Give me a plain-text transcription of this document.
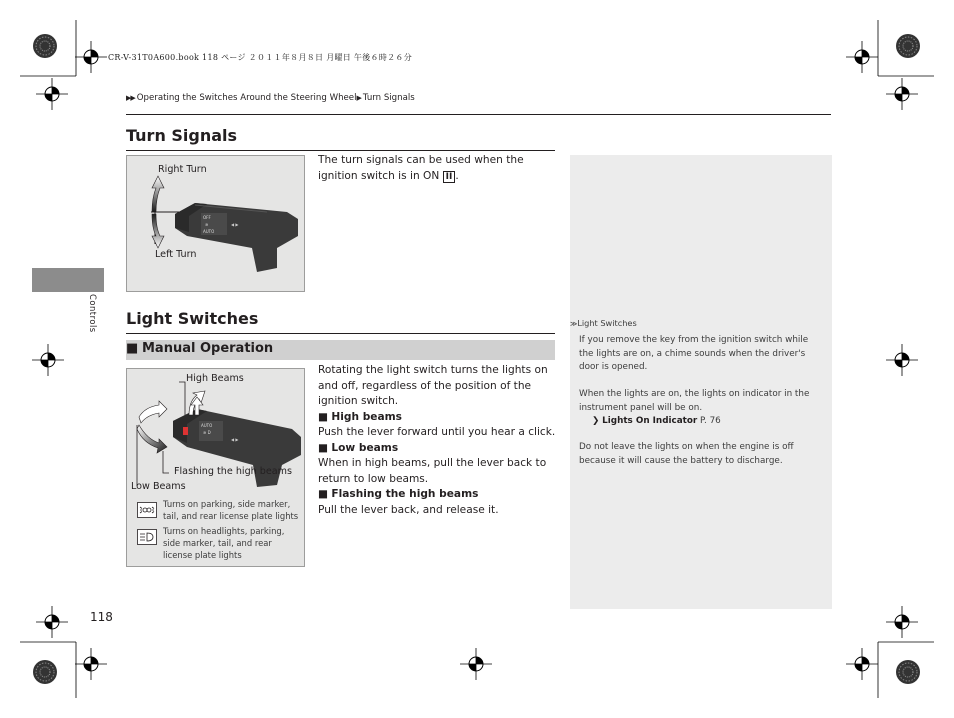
CR-V-31T0A600.book 118 ページ ２０１１年８月８日 月曜日 午後６時２６分
▶▶ Operating the Switches Around the Steering Wheel▶ Turn Signals
Controls
Turn Signals
OFF
≋
AUTO
◀ ▶
Right Turn
Left Turn
The turn signals can be used when the ignition switch is in ON II .
Light Switches
■ Manual Operation
AUTO
≋ D
◀ ▶
High Beams
Flashing the high beams
Low Beams
Turns on parking, side marker, tail, and rear license plate lights
Turns on headlights, parking, side marker, tail, and rear license plate lights
Rotating the light switch turns the lights on and off, regardless of the position of the ignition switch.
■ High beams
Push the lever forward until you hear a click.
■ Low beams
When in high beams, pull the lever back to return to low beams.
■ Flashing the high beams
Pull the lever back, and release it.
≫Light Switches
If you remove the key from the ignition switch while the lights are on, a chime sounds when the driver's door is opened.
When the lights are on, the lights on indicator in the instrument panel will be on.
❯ Lights On Indicator P. 76
Do not leave the lights on when the engine is off because it will cause the battery to discharge.
118
